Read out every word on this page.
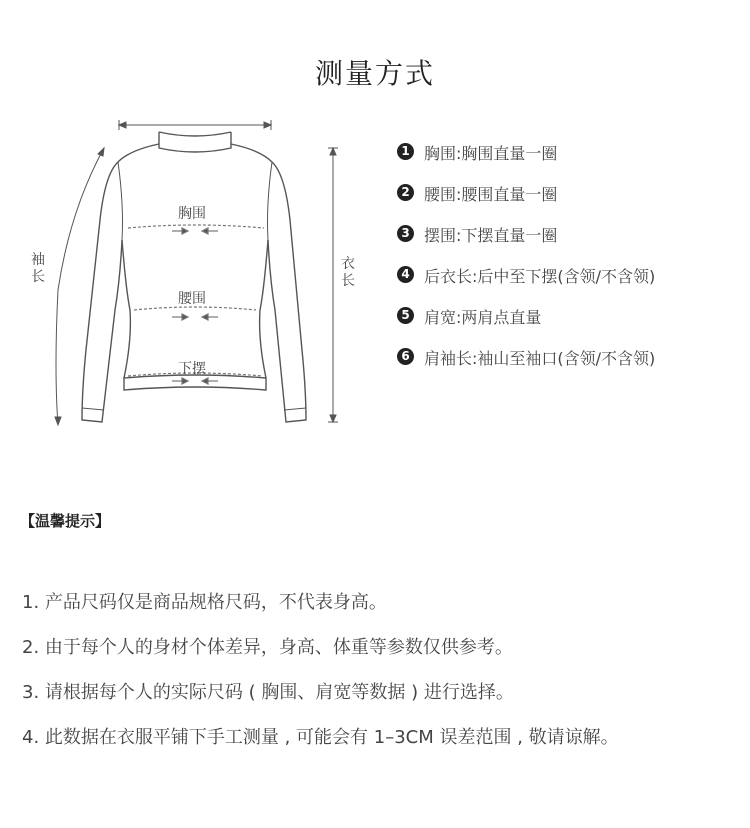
测量方式
胸围
腰围
下摆
袖长
衣长
1 胸围:胸围直量一圈
2 腰围:腰围直量一圈
3 摆围:下摆直量一圈
4 后衣长:后中至下摆(含领/不含领)
5 肩宽:两肩点直量
6 肩袖长:袖山至袖口(含领/不含领)
【温馨提示】
1. 产品尺码仅是商品规格尺码，不代表身高。
2. 由于每个人的身材个体差异，身高、体重等参数仅供参考。
3. 请根据每个人的实际尺码 ( 胸围、肩宽等数据 ) 进行选择。
4. 此数据在衣服平铺下手工测量 , 可能会有 1–3CM 误差范围 , 敬请谅解。
